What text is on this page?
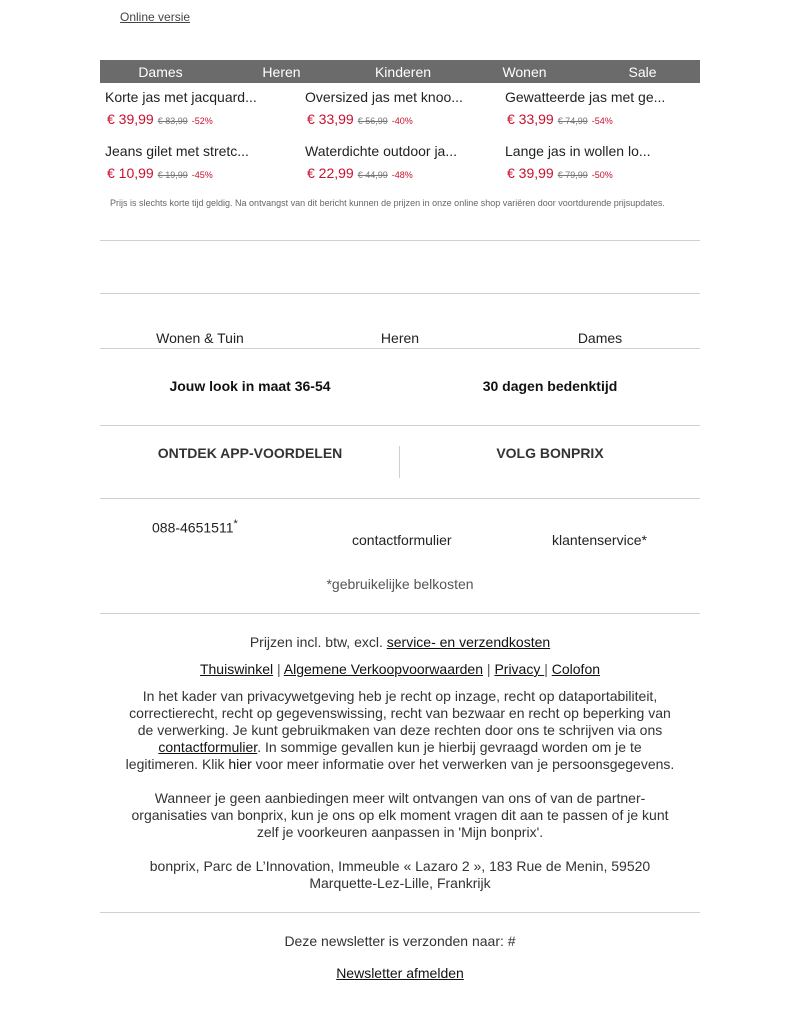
Online versie
Dames	Heren	Kinderen	Wonen	Sale
Korte jas met jacquard...
€ 39,99 € 83,99 -52%
Oversized jas met knoo...
€ 33,99 € 56,99 -40%
Gewatteerde jas met ge...
€ 33,99 € 74,99 -54%
Jeans gilet met stretc...
€ 10,99 € 19,99 -45%
Waterdichte outdoor ja...
€ 22,99 € 44,99 -48%
Lange jas in wollen lo...
€ 39,99 € 79,99 -50%
Prijs is slechts korte tijd geldig. Na ontvangst van dit bericht kunnen de prijzen in onze online shop variëren door voortdurende prijsupdates.
Wonen & Tuin	Heren	Dames
Jouw look in maat 36-54	30 dagen bedenktijd
ONTDEK APP-VOORDELEN	VOLG BONPRIX
088-4651511*
contactformulier	klantenservice*
*gebruikelijke belkosten
Prijzen incl. btw, excl. service- en verzendkosten
Thuiswinkel | Algemene Verkoopvoorwaarden | Privacy | Colofon
In het kader van privacywetgeving heb je recht op inzage, recht op dataportabiliteit, correctierecht, recht op gegevenswissing, recht van bezwaar en recht op beperking van de verwerking. Je kunt gebruikmaken van deze rechten door ons te schrijven via ons contactformulier. In sommige gevallen kun je hierbij gevraagd worden om je te legitimeren. Klik hier voor meer informatie over het verwerken van je persoonsgegevens.
Wanneer je geen aanbiedingen meer wilt ontvangen van ons of van de partner-organisaties van bonprix, kun je ons op elk moment vragen dit aan te passen of je kunt zelf je voorkeuren aanpassen in 'Mijn bonprix'.
bonprix, Parc de L’Innovation, Immeuble « Lazaro 2 », 183 Rue de Menin, 59520 Marquette-Lez-Lille, Frankrijk
Deze newsletter is verzonden naar: #
Newsletter afmelden
